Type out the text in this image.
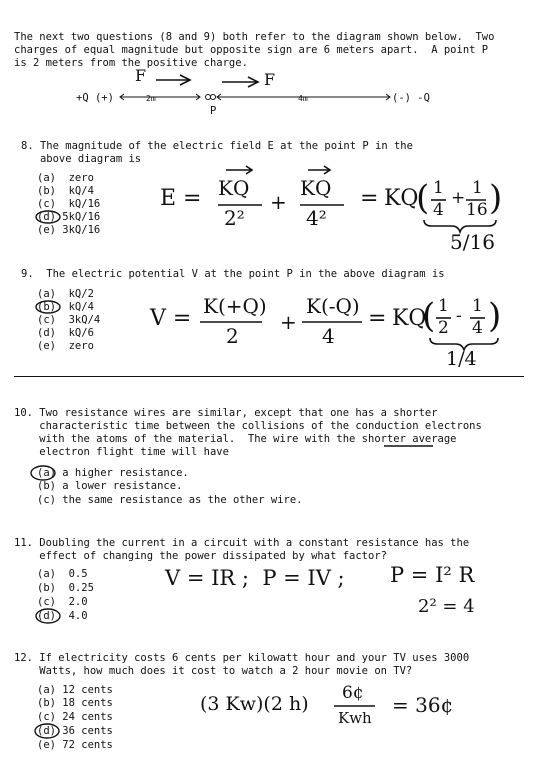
The next two questions (8 and 9) both refer to the diagram shown below.  Two
charges of equal magnitude but opposite sign are 6 meters apart.  A point P
is 2 meters from the positive charge.
+Q (+)	2m	4m	(-) -Q
P
F	F
8. The magnitude of the electric field E at the point P in the
above diagram is
(a)  zero
(b)  kQ/4
(c)  kQ/16
(d) 5kQ/16
(e) 3kQ/16
E = KQ
2²
+
KQ
4²
= KQ
( 1
4
+ 1
16 )
5/16
9.  The electric potential V at the point P in the above diagram is
(a)  kQ/2
(b)  kQ/4
(c)  3kQ/4
(d)  kQ/6
(e)  zero
V = K(+Q)
2
+
K(-Q)
4
= KQ
( 1
2
- 1
4 )
1/4
10. Two resistance wires are similar, except that one has a shorter
characteristic time between the collisions of the conduction electrons
with the atoms of the material.  The wire with the shorter average
electron flight time will have
(a) a higher resistance.
(b) a lower resistance.
(c) the same resistance as the other wire.
11. Doubling the current in a circuit with a constant resistance has the
effect of changing the power dissipated by what factor?
(a)  0.5
(b)  0.25
(c)  2.0
(d)  4.0
V = IR ;  P = IV ; P = I² R
2² = 4
12. If electricity costs 6 cents per kilowatt hour and your TV uses 3000
Watts, how much does it cost to watch a 2 hour movie on TV?
(a) 12 cents
(b) 18 cents
(c) 24 cents
(d) 36 cents
(e) 72 cents
(3 Kw)(2 h) 6¢
Kwh
= 36¢
